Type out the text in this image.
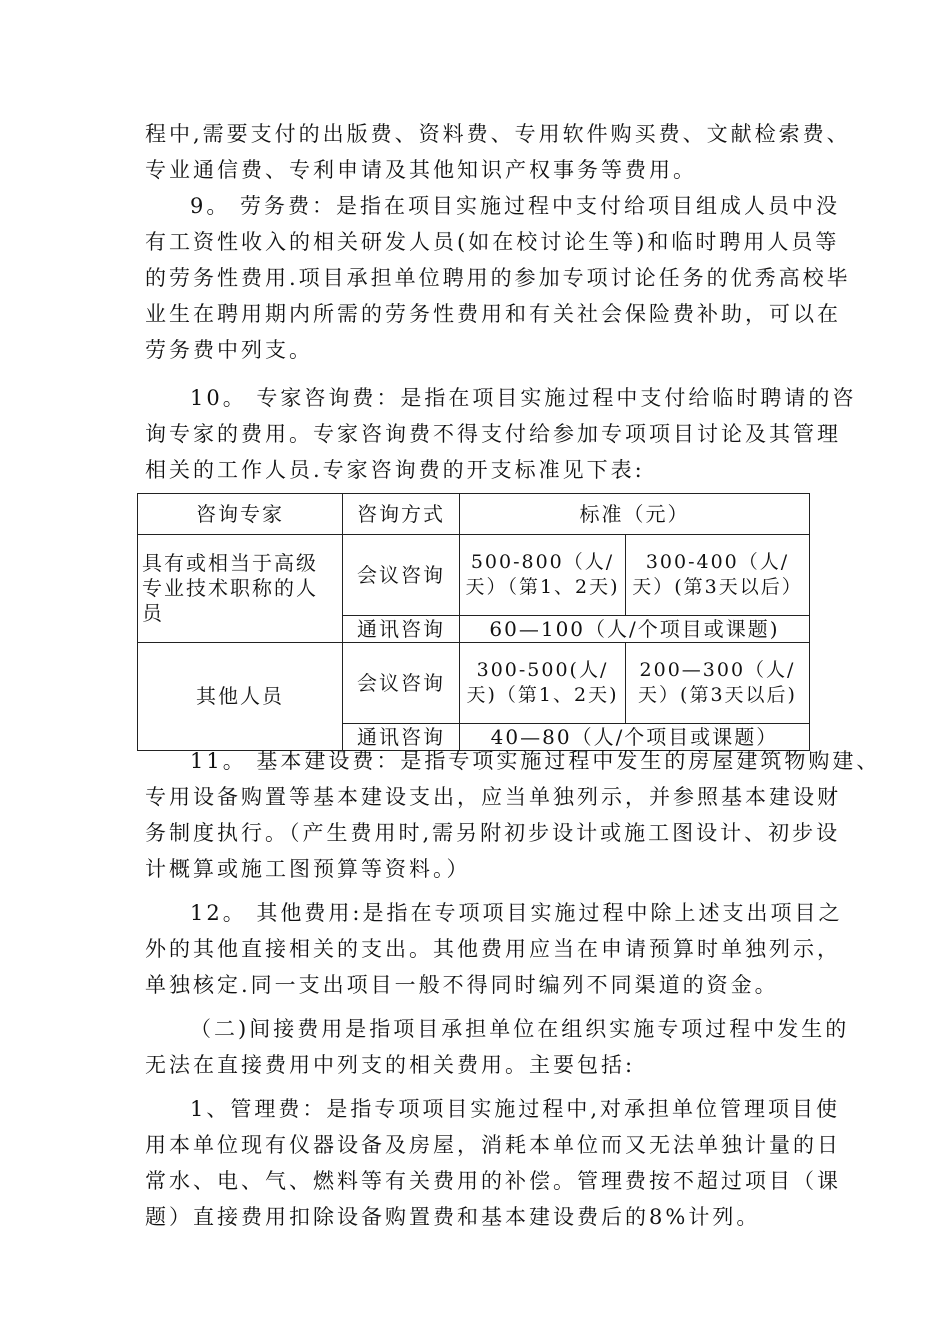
程中,需要支付的出版费、资料费、专用软件购买费、文献检索费、
专业通信费、专利申请及其他知识产权事务等费用。
9。 劳务费：是指在项目实施过程中支付给项目组成人员中没
有工资性收入的相关研发人员(如在校讨论生等)和临时聘用人员等
的劳务性费用.项目承担单位聘用的参加专项讨论任务的优秀高校毕
业生在聘用期内所需的劳务性费用和有关社会保险费补助，可以在
劳务费中列支。
10。 专家咨询费：是指在项目实施过程中支付给临时聘请的咨
询专家的费用。专家咨询费不得支付给参加专项项目讨论及其管理
相关的工作人员.专家咨询费的开支标准见下表:
咨询专家	咨询方式	标准（元）	
具有或相当于高级专业技术职称的人员	会议咨询	500-800（人/天）（第1、2天)	300-400（人/天）(第3天以后）
	通讯咨询	60—100（人/个项目或课题)	
其他人员	会议咨询	300-500(人/天)（第1、2天)	200—300（人/天）(第3天以后)
	通讯咨询	40—80（人/个项目或课题）	
11。 基本建设费：是指专项实施过程中发生的房屋建筑物购建、
专用设备购置等基本建设支出，应当单独列示，并参照基本建设财
务制度执行。（产生费用时,需另附初步设计或施工图设计、初步设
计概算或施工图预算等资料。）
12。 其他费用:是指在专项项目实施过程中除上述支出项目之
外的其他直接相关的支出。其他费用应当在申请预算时单独列示，
单独核定.同一支出项目一般不得同时编列不同渠道的资金。
（二)间接费用是指项目承担单位在组织实施专项过程中发生的
无法在直接费用中列支的相关费用。主要包括:
1、管理费：是指专项项目实施过程中,对承担单位管理项目使
用本单位现有仪器设备及房屋，消耗本单位而又无法单独计量的日
常水、电、气、燃料等有关费用的补偿。管理费按不超过项目（课
题）直接费用扣除设备购置费和基本建设费后的8%计列。
